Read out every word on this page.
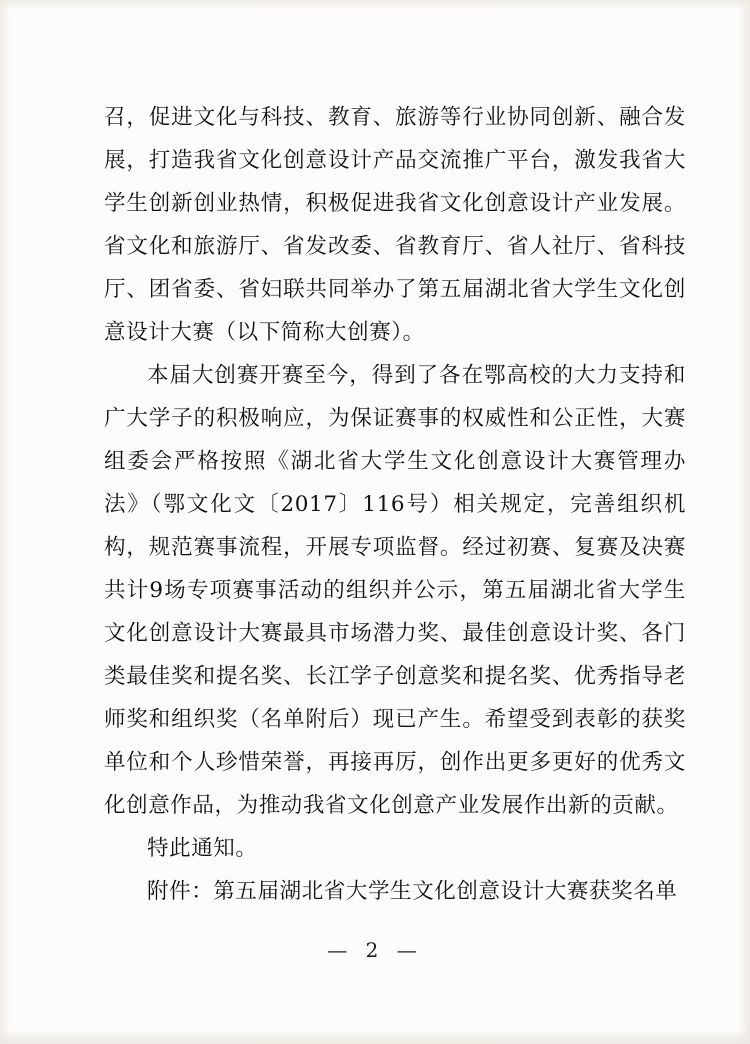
召，促进文化与科技、教育、旅游等行业协同创新、融合发展，打造我省文化创意设计产品交流推广平台，激发我省大学生创新创业热情，积极促进我省文化创意设计产业发展。省文化和旅游厅、省发改委、省教育厅、省人社厅、省科技厅、团省委、省妇联共同举办了第五届湖北省大学生文化创意设计大赛（以下简称大创赛）。

本届大创赛开赛至今，得到了各在鄂高校的大力支持和广大学子的积极响应，为保证赛事的权威性和公正性，大赛组委会严格按照《湖北省大学生文化创意设计大赛管理办法》（鄂文化文〔2017〕116号）相关规定，完善组织机构，规范赛事流程，开展专项监督。经过初赛、复赛及决赛共计9场专项赛事活动的组织并公示，第五届湖北省大学生文化创意设计大赛最具市场潜力奖、最佳创意设计奖、各门类最佳奖和提名奖、长江学子创意奖和提名奖、优秀指导老师奖和组织奖（名单附后）现已产生。希望受到表彰的获奖单位和个人珍惜荣誉，再接再厉，创作出更多更好的优秀文化创意作品，为推动我省文化创意产业发展作出新的贡献。

特此通知。

附件：第五届湖北省大学生文化创意设计大赛获奖名单

— 2 —
